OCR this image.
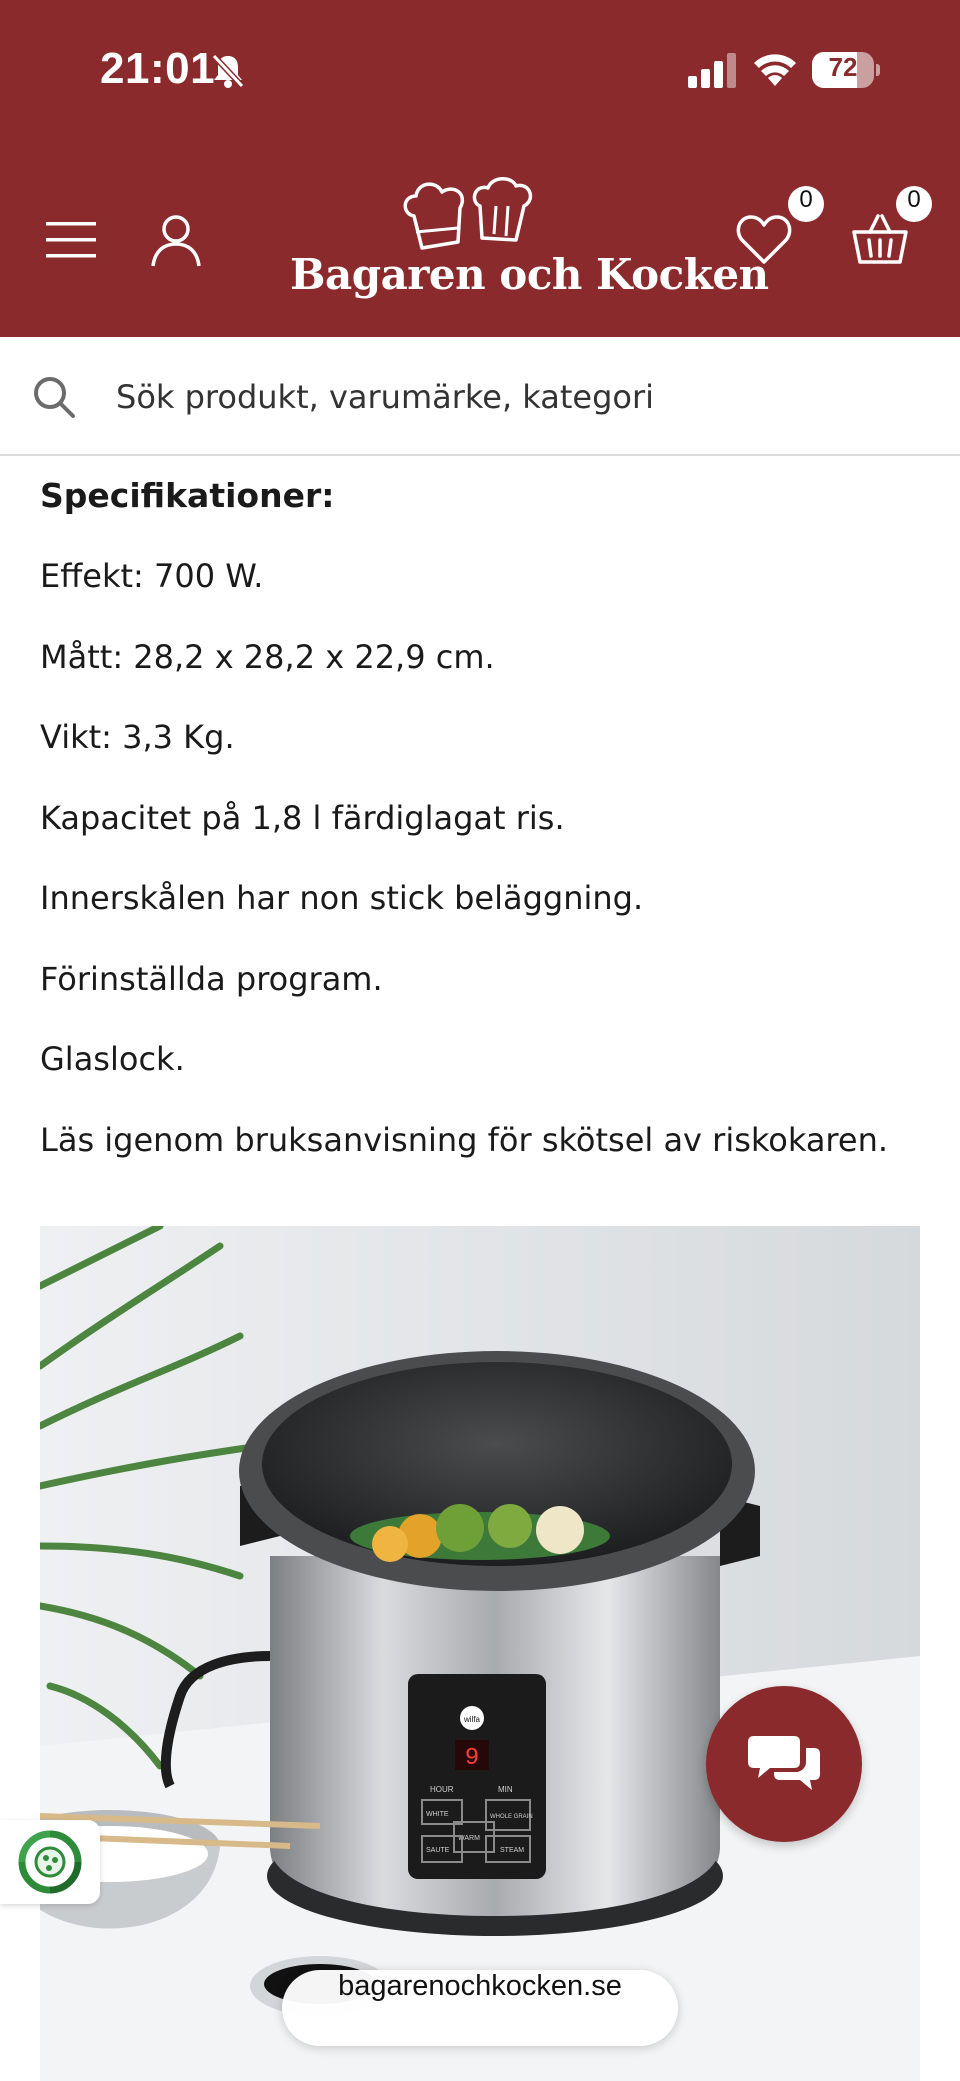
21:01	72
Bagaren och Kocken
0	0
Sök produkt, varumärke, kategori
Specifikationer:
Effekt: 700 W.
Mått: 28,2 x 28,2 x 22,9 cm.
Vikt: 3,3 Kg.
Kapacitet på 1,8 l färdiglagat ris.
Innerskålen har non stick beläggning.
Förinställda program.
Glaslock.
Läs igenom bruksanvisning för skötsel av riskokaren.
wilfa
9
HOUR	MIN
WHITE	WHOLE GRAIN
WARM
SAUTE	STEAM
bagarenochkocken.se
